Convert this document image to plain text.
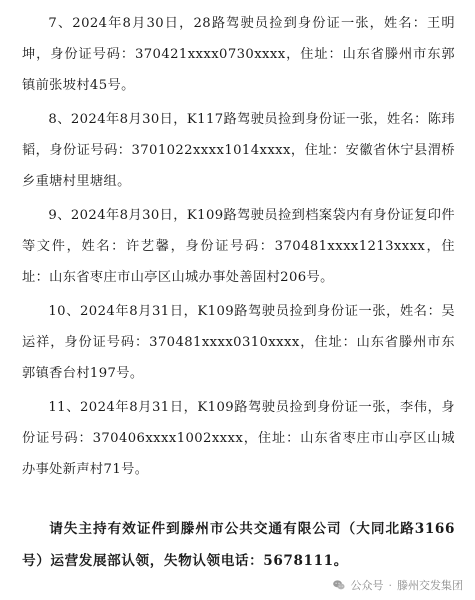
7、2024年8月30日，28路驾驶员捡到身份证一张，姓名：王明坤，身份证号码：370421xxxx0730xxxx，住址：山东省滕州市东郭镇前张坡村45号。

8、2024年8月30日，K117路驾驶员捡到身份证一张，姓名：陈玮韬，身份证号码：3701022xxxx1014xxxx，住址：安徽省休宁县渭桥乡重塘村里塘组。

9、2024年8月30日，K109路驾驶员捡到档案袋内有身份证复印件等文件，姓名：许艺馨，身份证号码：370481xxxx1213xxxx，住址：山东省枣庄市山亭区山城办事处善固村206号。

10、2024年8月31日，K109路驾驶员捡到身份证一张，姓名：吴运祥，身份证号码：370481xxxx0310xxxx，住址：山东省滕州市东郭镇香台村197号。

11、2024年8月31日，K109路驾驶员捡到身份证一张，李伟，身份证号码：370406xxxx1002xxxx，住址：山东省枣庄市山亭区山城办事处新声村71号。

请失主持有效证件到滕州市公共交通有限公司（大同北路3166号）运营发展部认领，失物认领电话：5678111。

公众号 · 滕州交发集团
